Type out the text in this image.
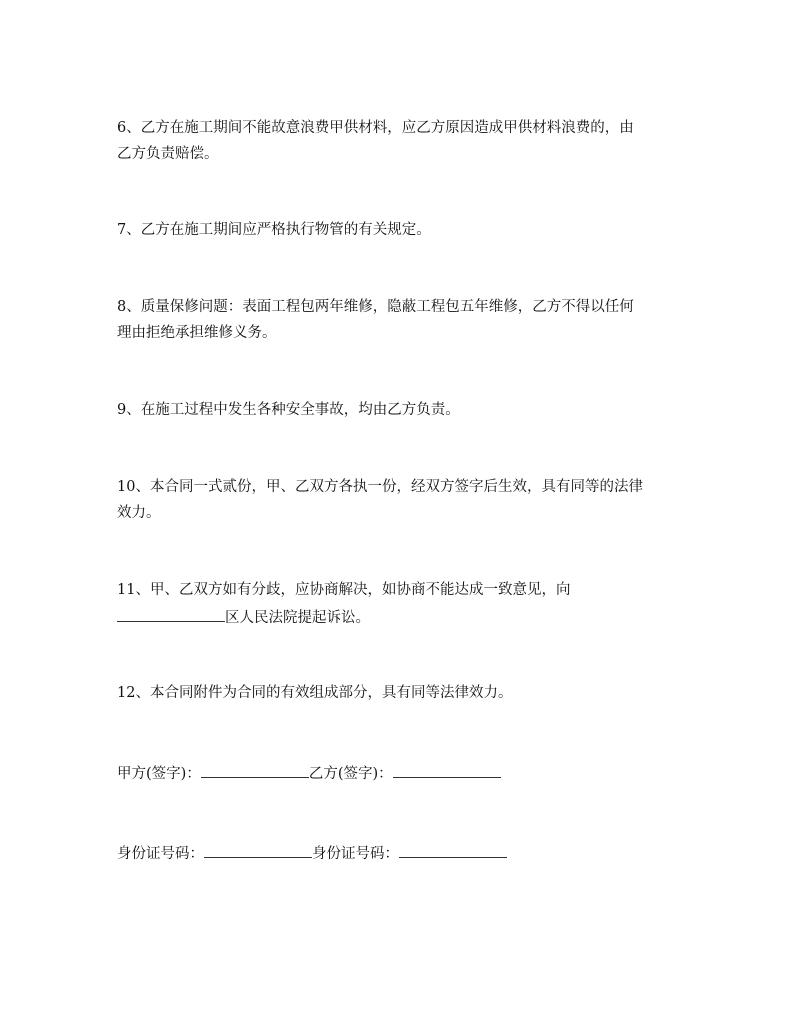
6、乙方在施工期间不能故意浪费甲供材料，应乙方原因造成甲供材料浪费的，由
乙方负责赔偿。
7、乙方在施工期间应严格执行物管的有关规定。
8、质量保修问题：表面工程包两年维修，隐蔽工程包五年维修，乙方不得以任何
理由拒绝承担维修义务。
9、在施工过程中发生各种安全事故，均由乙方负责。
10、本合同一式贰份，甲、乙双方各执一份，经双方签字后生效，具有同等的法律
效力。
11、甲、乙双方如有分歧，应协商解决，如协商不能达成一致意见，向
区人民法院提起诉讼。
12、本合同附件为合同的有效组成部分，具有同等法律效力。
甲方(签字)：	乙方(签字)：
身份证号码：	身份证号码：
